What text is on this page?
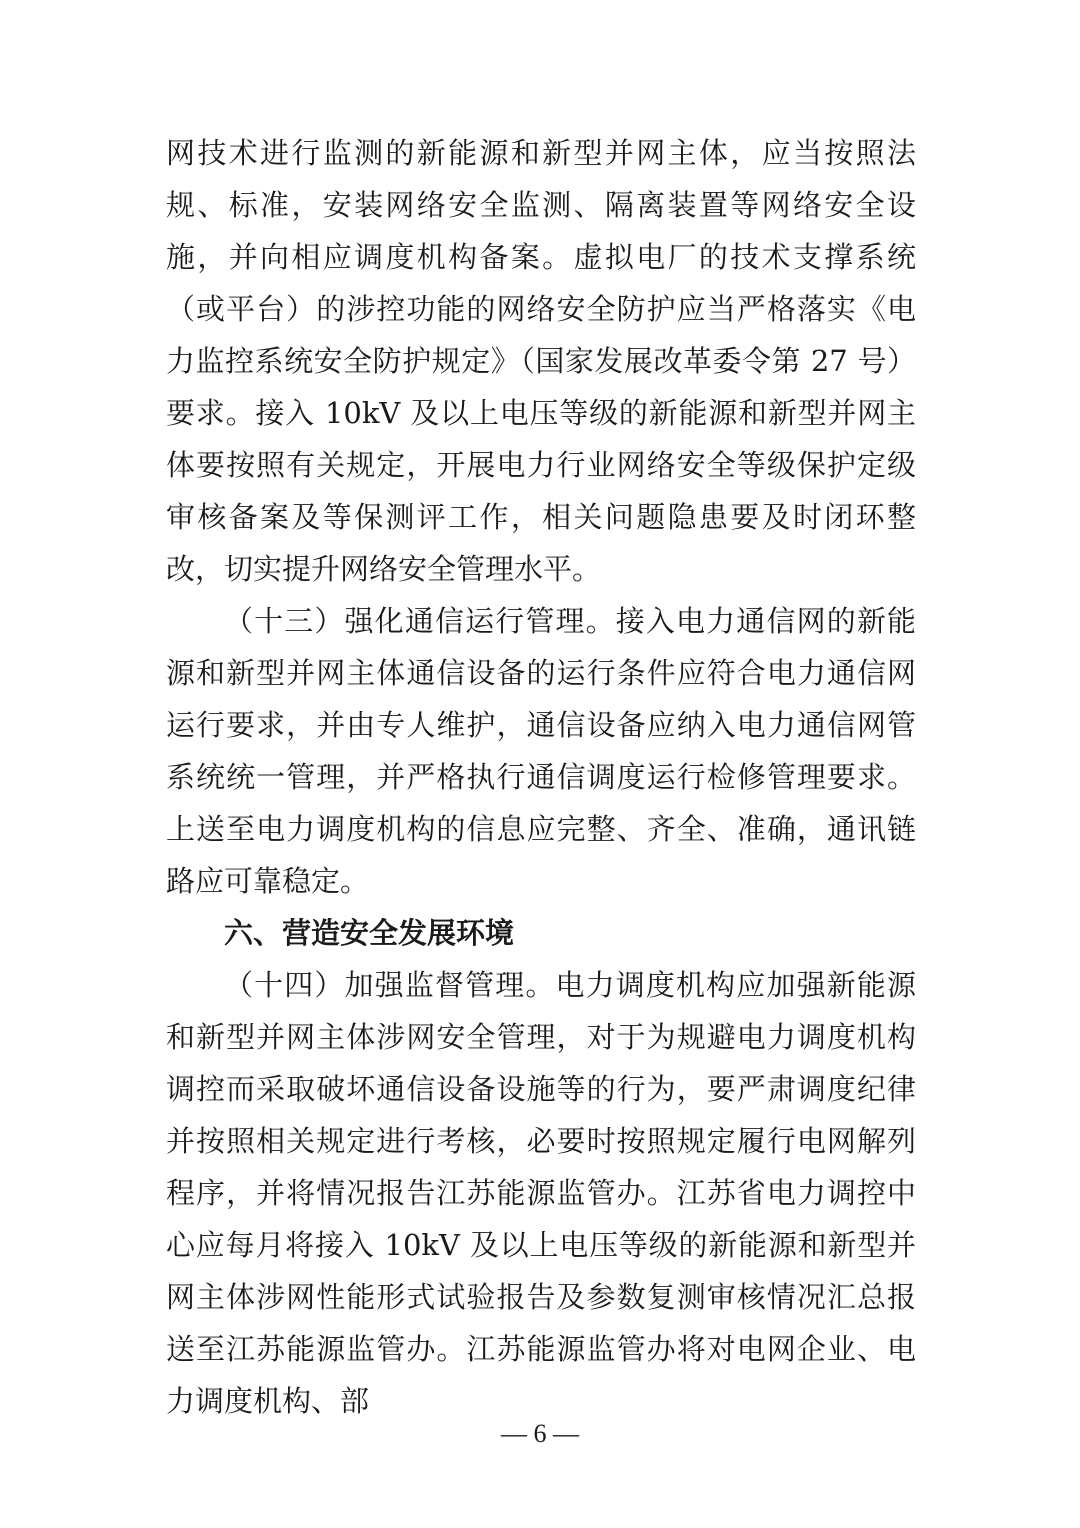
网技术进行监测的新能源和新型并网主体，应当按照法规、标准，安装网络安全监测、隔离装置等网络安全设施，并向相应调度机构备案。虚拟电厂的技术支撑系统（或平台）的涉控功能的网络安全防护应当严格落实《电力监控系统安全防护规定》（国家发展改革委令第 27 号）要求。接入 10kV 及以上电压等级的新能源和新型并网主体要按照有关规定，开展电力行业网络安全等级保护定级审核备案及等保测评工作，相关问题隐患要及时闭环整改，切实提升网络安全管理水平。

（十三）强化通信运行管理。接入电力通信网的新能源和新型并网主体通信设备的运行条件应符合电力通信网运行要求，并由专人维护，通信设备应纳入电力通信网管系统统一管理，并严格执行通信调度运行检修管理要求。上送至电力调度机构的信息应完整、齐全、准确，通讯链路应可靠稳定。

六、营造安全发展环境

（十四）加强监督管理。电力调度机构应加强新能源和新型并网主体涉网安全管理，对于为规避电力调度机构调控而采取破坏通信设备设施等的行为，要严肃调度纪律并按照相关规定进行考核，必要时按照规定履行电网解列程序，并将情况报告江苏能源监管办。江苏省电力调控中心应每月将接入 10kV 及以上电压等级的新能源和新型并网主体涉网性能形式试验报告及参数复测审核情况汇总报送至江苏能源监管办。江苏能源监管办将对电网企业、电力调度机构、部

— 6 —
